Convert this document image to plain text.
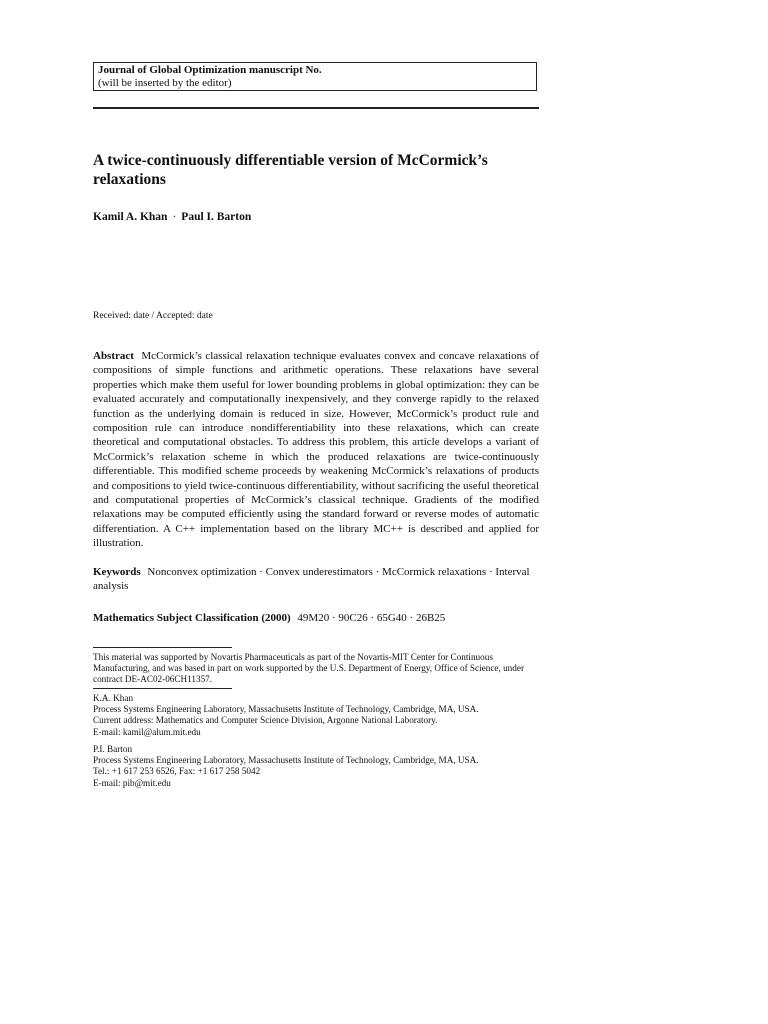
Journal of Global Optimization manuscript No.
(will be inserted by the editor)
A twice-continuously differentiable version of McCormick’s relaxations
Kamil A. Khan · Paul I. Barton
Received: date / Accepted: date

Abstract McCormick’s classical relaxation technique evaluates convex and concave relaxations of compositions of simple functions and arithmetic operations. These relaxations have several properties which make them useful for lower bounding problems in global optimization: they can be evaluated accurately and computationally inexpensively, and they converge rapidly to the relaxed function as the underlying domain is reduced in size. However, McCormick’s product rule and composition rule can introduce nondifferentiability into these relaxations, which can create theoretical and computational obstacles. To address this problem, this article develops a variant of McCormick’s relaxation scheme in which the produced relaxations are twice-continuously differentiable. This modified scheme proceeds by weakening McCormick’s relaxations of products and compositions to yield twice-continuous differentiability, without sacrificing the useful theoretical and computational properties of McCormick’s classical technique. Gradients of the modified relaxations may be computed efficiently using the standard forward or reverse modes of automatic differentiation. A C++ implementation based on the library MC++ is described and applied for illustration.

Keywords Nonconvex optimization · Convex underestimators · McCormick relaxations · Interval analysis

Mathematics Subject Classification (2000) 49M20 · 90C26 · 65G40 · 26B25

This material was supported by Novartis Pharmaceuticals as part of the Novartis-MIT Center for Continuous Manufacturing, and was based in part on work supported by the U.S. Department of Energy, Office of Science, under contract DE-AC02-06CH11357.

K.A. Khan
Process Systems Engineering Laboratory, Massachusetts Institute of Technology, Cambridge, MA, USA.
Current address: Mathematics and Computer Science Division, Argonne National Laboratory.
E-mail: kamil@alum.mit.edu

P.I. Barton
Process Systems Engineering Laboratory, Massachusetts Institute of Technology, Cambridge, MA, USA.
Tel.: +1 617 253 6526, Fax: +1 617 258 5042
E-mail: pib@mit.edu
